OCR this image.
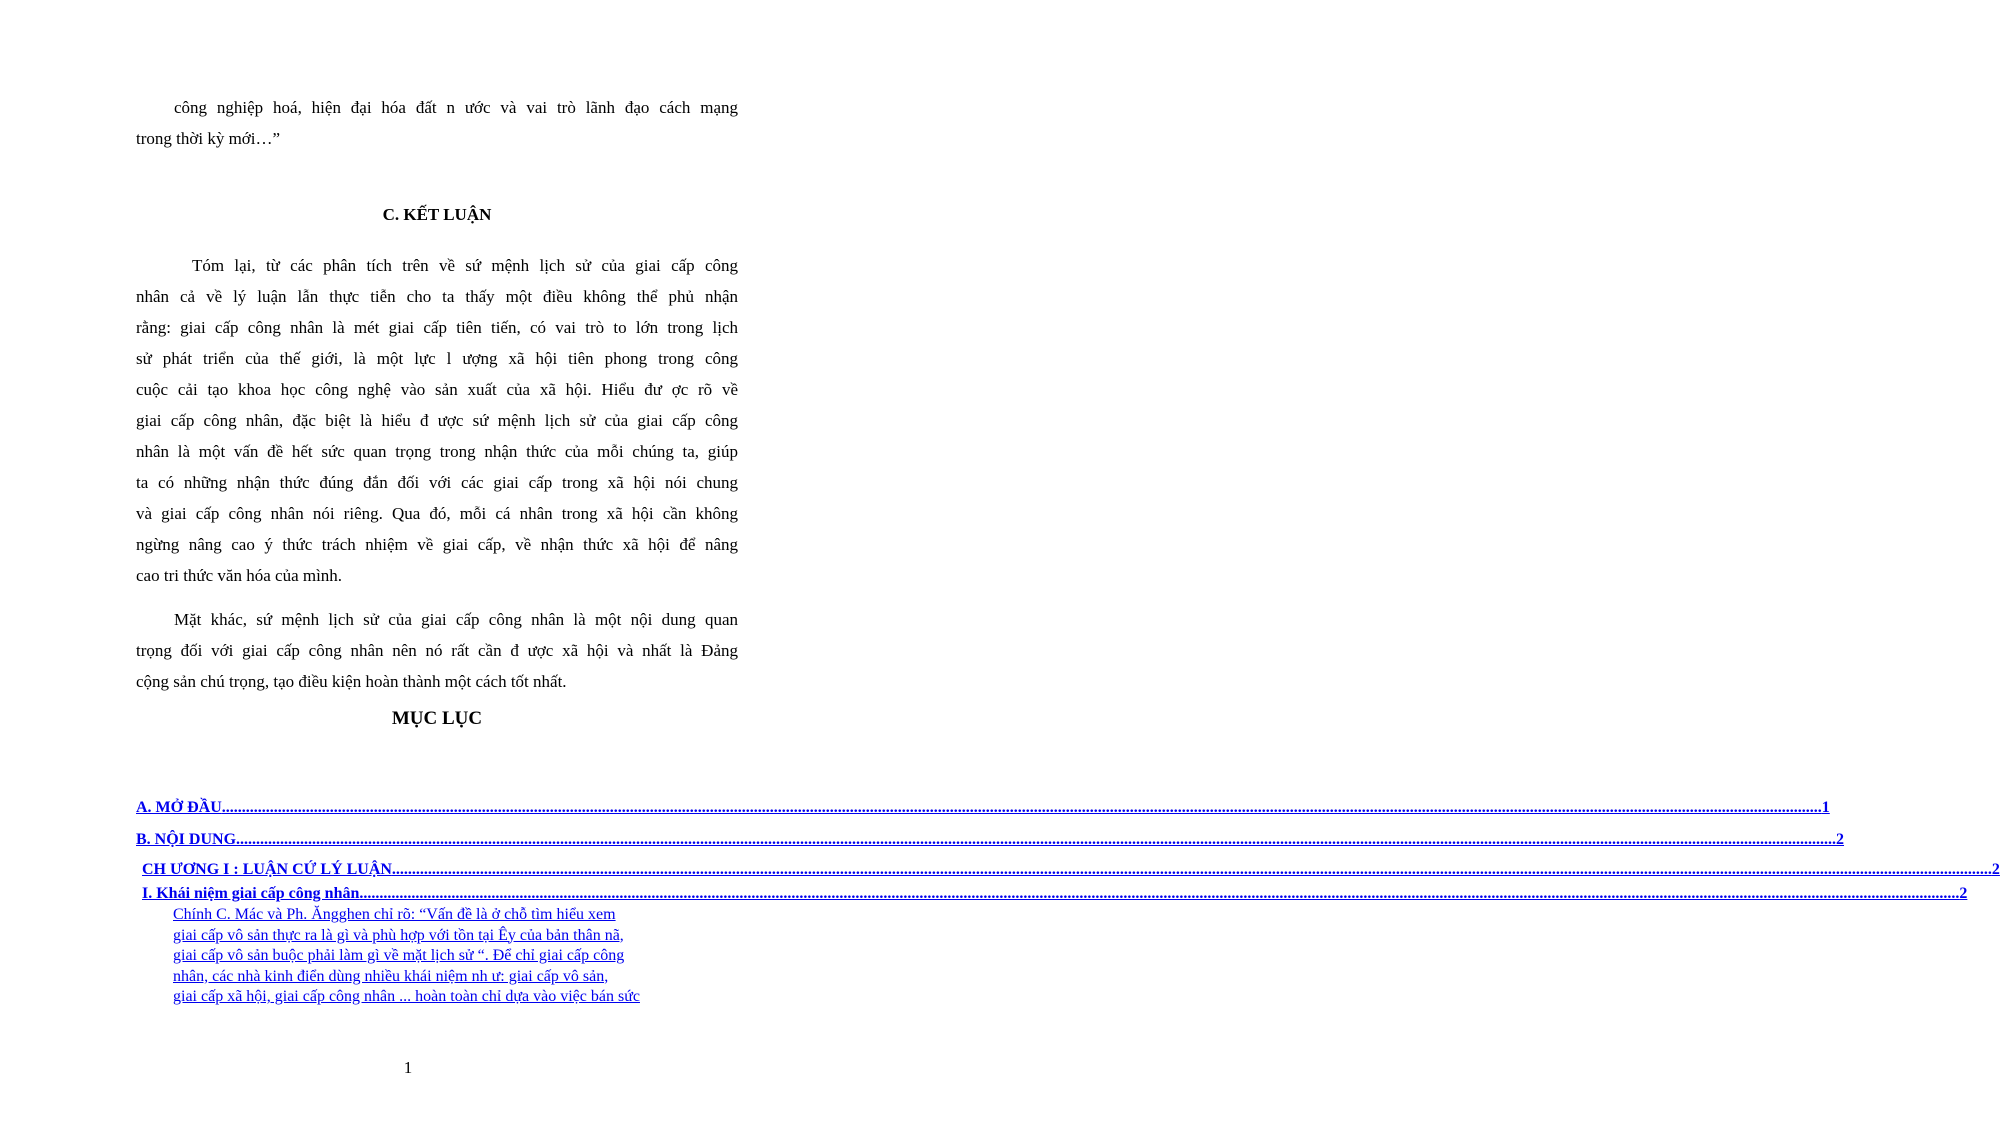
công nghiệp hoá, hiện đại hóa đất n ước và vai trò lãnh đạo cách mạng
trong thời kỳ mới…”
C. KẾT LUẬN
Tóm lại, từ các phân tích trên về sứ mệnh lịch sử của giai cấp công
nhân cả về lý luận lẫn thực tiễn cho ta thấy một điều không thể phủ nhận
rằng: giai cấp công nhân là mét giai cấp tiên tiến, có vai trò to lớn trong lịch
sử phát triển của thế giới, là một lực l ượng xã hội tiên phong trong công
cuộc cải tạo khoa học công nghệ vào sản xuất của xã hội. Hiểu đư ợc rõ về
giai cấp công nhân, đặc biệt là hiểu đ ược sứ mệnh lịch sử của giai cấp công
nhân là một vấn đề hết sức quan trọng trong nhận thức của mỗi chúng ta, giúp
ta có những nhận thức đúng đắn đối với các giai cấp trong xã hội nói chung
và giai cấp công nhân nói riêng. Qua đó, mỗi cá nhân trong xã hội cần không
ngừng nâng cao ý thức trách nhiệm về giai cấp, về nhận thức xã hội để nâng
cao tri thức văn hóa của mình.
Mặt khác, sứ mệnh lịch sử của giai cấp công nhân là một nội dung quan
trọng đối với giai cấp công nhân nên nó rất cần đ ược xã hội và nhất là Đảng
cộng sản chú trọng, tạo điều kiện hoàn thành một cách tốt nhất.
MỤC LỤC
A. MỞ ĐẦU ................................................................................................................................................................................................................................................................................................................................................................................................................ 1
B. NỘI DUNG ................................................................................................................................................................................................................................................................................................................................................................................................................ 2
CH ƯƠNG I : LUẬN CỨ LÝ LUẬN ................................................................................................................................................................................................................................................................................................................................................................................................................ 2
I. Khái niệm giai cấp công nhân ................................................................................................................................................................................................................................................................................................................................................................................................................ 2
Chính C. Mác và Ph. Ăngghen chỉ rõ: “Vấn đề là ở chỗ tìm hiểu xem
giai cấp vô sản thực ra là gì và phù hợp với tồn tại Êy của bản thân nã,
giai cấp vô sản buộc phải làm gì về mặt lịch sử “. Để chỉ giai cấp công
nhân, các nhà kinh điển dùng nhiều khái niệm nh ư: giai cấp vô sản,
giai cấp xã hội, giai cấp công nhân ... hoàn toàn chỉ dựa vào việc bán sức
1
